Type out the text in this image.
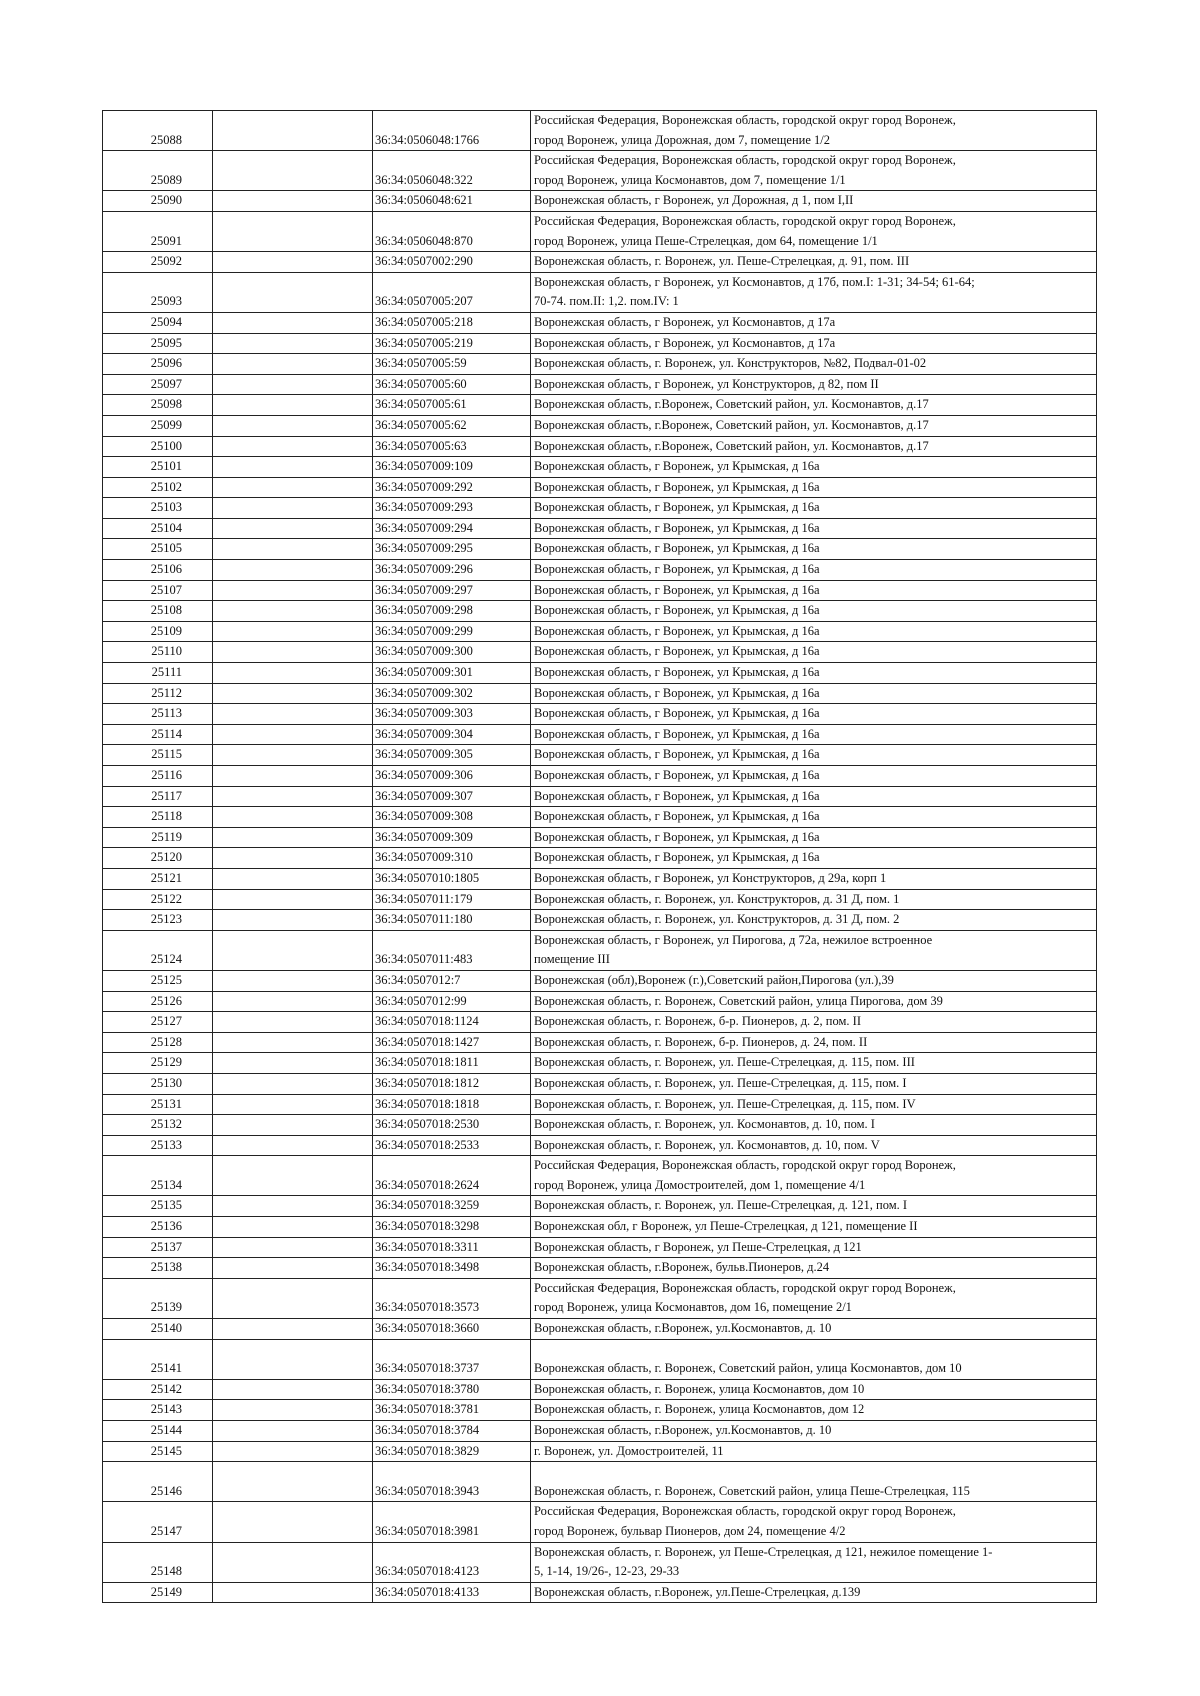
25088		36:34:0506048:1766	Российская Федерация, Воронежская область, городской округ город Воронеж,
город Воронеж, улица Дорожная, дом 7, помещение 1/2
25089		36:34:0506048:322	Российская Федерация, Воронежская область, городской округ город Воронеж,
город Воронеж, улица Космонавтов, дом 7, помещение 1/1
25090		36:34:0506048:621	Воронежская область, г Воронеж, ул Дорожная, д 1, пом I,II
25091		36:34:0506048:870	Российская Федерация, Воронежская область, городской округ город Воронеж,
город Воронеж, улица Пеше-Стрелецкая, дом 64, помещение 1/1
25092		36:34:0507002:290	Воронежская область, г. Воронеж, ул. Пеше-Стрелецкая, д. 91, пом. III
25093		36:34:0507005:207	Воронежская область, г Воронеж, ул Космонавтов, д 17б, пом.I: 1-31; 34-54; 61-64;
70-74. пом.II: 1,2. пом.IV: 1
25094		36:34:0507005:218	Воронежская область, г Воронеж, ул Космонавтов, д 17а
25095		36:34:0507005:219	Воронежская область, г Воронеж, ул Космонавтов, д 17а
25096		36:34:0507005:59	Воронежская область, г. Воронеж, ул. Конструкторов, №82, Подвал-01-02
25097		36:34:0507005:60	Воронежская область, г Воронеж, ул Конструкторов, д 82, пом II
25098		36:34:0507005:61	Воронежская область, г.Воронеж, Советский район, ул. Космонавтов, д.17
25099		36:34:0507005:62	Воронежская область, г.Воронеж, Советский район, ул. Космонавтов, д.17
25100		36:34:0507005:63	Воронежская область, г.Воронеж, Советский район, ул. Космонавтов, д.17
25101		36:34:0507009:109	Воронежская область, г Воронеж, ул Крымская, д 16а
25102		36:34:0507009:292	Воронежская область, г Воронеж, ул Крымская, д 16а
25103		36:34:0507009:293	Воронежская область, г Воронеж, ул Крымская, д 16а
25104		36:34:0507009:294	Воронежская область, г Воронеж, ул Крымская, д 16а
25105		36:34:0507009:295	Воронежская область, г Воронеж, ул Крымская, д 16а
25106		36:34:0507009:296	Воронежская область, г Воронеж, ул Крымская, д 16а
25107		36:34:0507009:297	Воронежская область, г Воронеж, ул Крымская, д 16а
25108		36:34:0507009:298	Воронежская область, г Воронеж, ул Крымская, д 16а
25109		36:34:0507009:299	Воронежская область, г Воронеж, ул Крымская, д 16а
25110		36:34:0507009:300	Воронежская область, г Воронеж, ул Крымская, д 16а
25111		36:34:0507009:301	Воронежская область, г Воронеж, ул Крымская, д 16а
25112		36:34:0507009:302	Воронежская область, г Воронеж, ул Крымская, д 16а
25113		36:34:0507009:303	Воронежская область, г Воронеж, ул Крымская, д 16а
25114		36:34:0507009:304	Воронежская область, г Воронеж, ул Крымская, д 16а
25115		36:34:0507009:305	Воронежская область, г Воронеж, ул Крымская, д 16а
25116		36:34:0507009:306	Воронежская область, г Воронеж, ул Крымская, д 16а
25117		36:34:0507009:307	Воронежская область, г Воронеж, ул Крымская, д 16а
25118		36:34:0507009:308	Воронежская область, г Воронеж, ул Крымская, д 16а
25119		36:34:0507009:309	Воронежская область, г Воронеж, ул Крымская, д 16а
25120		36:34:0507009:310	Воронежская область, г Воронеж, ул Крымская, д 16а
25121		36:34:0507010:1805	Воронежская область, г Воронеж, ул Конструкторов, д 29а, корп 1
25122		36:34:0507011:179	Воронежская область, г. Воронеж, ул. Конструкторов, д. 31 Д, пом. 1
25123		36:34:0507011:180	Воронежская область, г. Воронеж, ул. Конструкторов, д. 31 Д, пом. 2
25124		36:34:0507011:483	Воронежская область, г Воронеж, ул Пирогова, д 72а, нежилое встроенное
помещение III
25125		36:34:0507012:7	Воронежская (обл),Воронеж (г.),Советский район,Пирогова (ул.),39
25126		36:34:0507012:99	Воронежская область, г. Воронеж, Советский район, улица Пирогова, дом 39
25127		36:34:0507018:1124	Воронежская область, г. Воронеж, б-р. Пионеров, д. 2, пом. II
25128		36:34:0507018:1427	Воронежская область, г. Воронеж, б-р. Пионеров, д. 24, пом. II
25129		36:34:0507018:1811	Воронежская область, г. Воронеж, ул. Пеше-Стрелецкая, д. 115, пом. III
25130		36:34:0507018:1812	Воронежская область, г. Воронеж, ул. Пеше-Стрелецкая, д. 115, пом. I
25131		36:34:0507018:1818	Воронежская область, г. Воронеж, ул. Пеше-Стрелецкая, д. 115, пом. IV
25132		36:34:0507018:2530	Воронежская область, г. Воронеж, ул. Космонавтов, д. 10, пом. I
25133		36:34:0507018:2533	Воронежская область, г. Воронеж, ул. Космонавтов, д. 10, пом. V
25134		36:34:0507018:2624	Российская Федерация, Воронежская область, городской округ город Воронеж,
город Воронеж, улица Домостроителей, дом 1, помещение 4/1
25135		36:34:0507018:3259	Воронежская область, г. Воронеж, ул. Пеше-Стрелецкая, д. 121, пом. I
25136		36:34:0507018:3298	Воронежская обл, г Воронеж, ул Пеше-Стрелецкая, д 121, помещение II
25137		36:34:0507018:3311	Воронежская область, г Воронеж, ул Пеше-Стрелецкая, д 121
25138		36:34:0507018:3498	Воронежская область, г.Воронеж, бульв.Пионеров, д.24
25139		36:34:0507018:3573	Российская Федерация, Воронежская область, городской округ город Воронеж,
город Воронеж, улица Космонавтов, дом 16, помещение 2/1
25140		36:34:0507018:3660	Воронежская область, г.Воронеж, ул.Космонавтов, д. 10
25141		36:34:0507018:3737	
Воронежская область, г. Воронеж, Советский район, улица Космонавтов, дом 10
25142		36:34:0507018:3780	Воронежская область, г. Воронеж, улица Космонавтов, дом 10
25143		36:34:0507018:3781	Воронежская область, г. Воронеж, улица Космонавтов, дом 12
25144		36:34:0507018:3784	Воронежская область, г.Воронеж, ул.Космонавтов, д. 10
25145		36:34:0507018:3829	г. Воронеж, ул. Домостроителей, 11
25146		36:34:0507018:3943	
Воронежская область, г. Воронеж, Советский район, улица Пеше-Стрелецкая, 115
25147		36:34:0507018:3981	Российская Федерация, Воронежская область, городской округ город Воронеж,
город Воронеж, бульвар Пионеров, дом 24, помещение 4/2
25148		36:34:0507018:4123	Воронежская область, г. Воронеж, ул Пеше-Стрелецкая, д 121, нежилое помещение 1-
5, 1-14, 19/26-, 12-23, 29-33
25149		36:34:0507018:4133	Воронежская область, г.Воронеж, ул.Пеше-Стрелецкая, д.139
